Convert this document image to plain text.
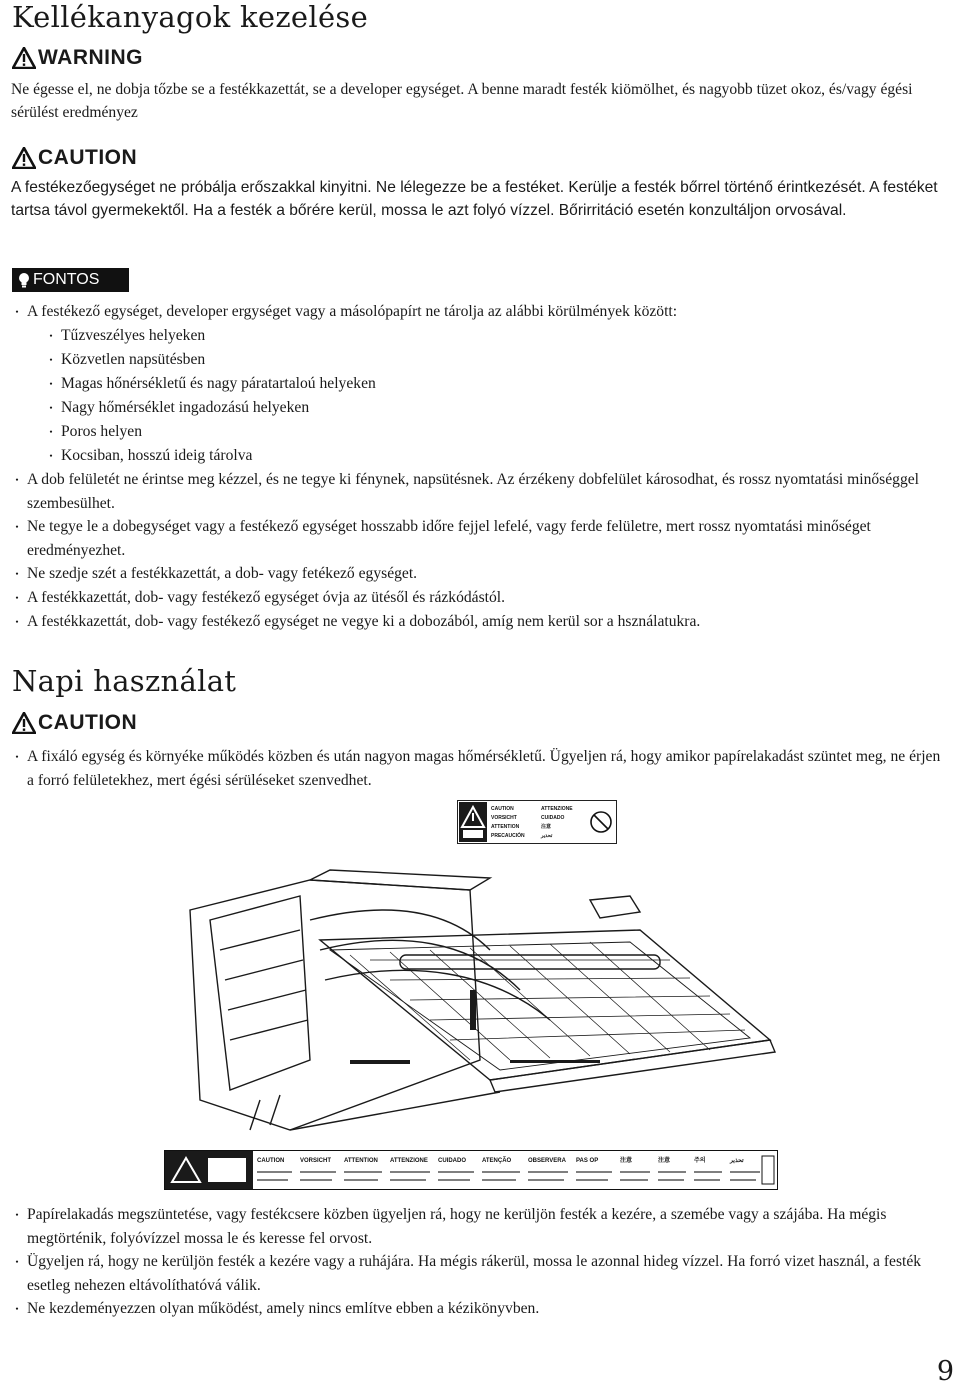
Kellékanyagok kezelése
WARNING

Ne égesse el, ne dobja tőzbe se a festékkazettát, se a developer egységet. A benne maradt festék kiömölhet, és nagyobb tüzet okoz, és/vagy égési sérülést eredményez

CAUTION

A festékezőegységet ne próbálja erőszakkal kinyitni. Ne lélegezze be a festéket. Kerülje a festék bőrrel történő érintkezését. A festéket tartsa távol gyermekektől. Ha a festék a bőrére kerül, mossa le azt folyó vízzel. Bőrirritáció esetén konzultáljon orvosával.

FONTOS
・ A festékező egységet, developer ergységet vagy a másolópapírt ne tárolja az alábbi körülmények között:
・ Tűzveszélyes helyeken
・ Közvetlen napsütésben
・ Magas hőnérsékletű és nagy páratartaloú helyeken
・ Nagy hőmérséklet ingadozású helyeken
・ Poros helyen
・ Kocsiban, hosszú ideig tárolva
・ A dob felületét ne érintse meg kézzel, és ne tegye ki fénynek, napsütésnek. Az érzékeny dobfelület károsodhat, és rossz nyomtatási minőséggel szembesülhet.
・ Ne tegye le a dobegységet vagy a festékező egységet hosszabb időre fejjel lefelé, vagy ferde felületre, mert rossz nyomtatási minőséget eredményezhet.
・ Ne szedje szét a festékkazettát, a dob- vagy fetékező egységet.
・ A festékkazettát, dob- vagy festékező egységet óvja az ütésől és rázkódástól.
・ A festékkazettát, dob- vagy festékező egységet ne vegye ki a dobozából, amíg nem kerül sor a hsználatukra.
Napi használat
CAUTION
・ A fixáló egység és környéke működés közben és után nagyon magas hőmérsékletű. Ügyeljen rá, hogy amikor papírelakadást szüntet meg, ne érjen a forró felületekhez, mert égési sérüléseket szenvedhet.
CAUTION
VORSICHT
ATTENTION
PRECAUCIÓN
ATTENZIONE
CUIDADO
注意
تحذير
CAUTION	VORSICHT ATTENTION ATTENZIONE CUIDADO	ATENÇÃO	OBSERVERA PAS OP	注意	注意	주의	تحذير
・ Papírelakadás megszüntetése, vagy festékcsere közben ügyeljen rá, hogy ne kerüljön festék a kezére, a szemébe vagy a szájába. Ha mégis megtörténik, folyóvízzel mossa le és keresse fel orvost.
・ Ügyeljen rá, hogy ne kerüljön festék a kezére vagy a ruhájára. Ha mégis rákerül, mossa le azonnal hideg vízzel. Ha forró vizet használ, a festék esetleg nehezen eltávolíthatóvá válik.
・ Ne kezdeményezzen olyan működést, amely nincs említve ebben a kézikönyvben.
9
